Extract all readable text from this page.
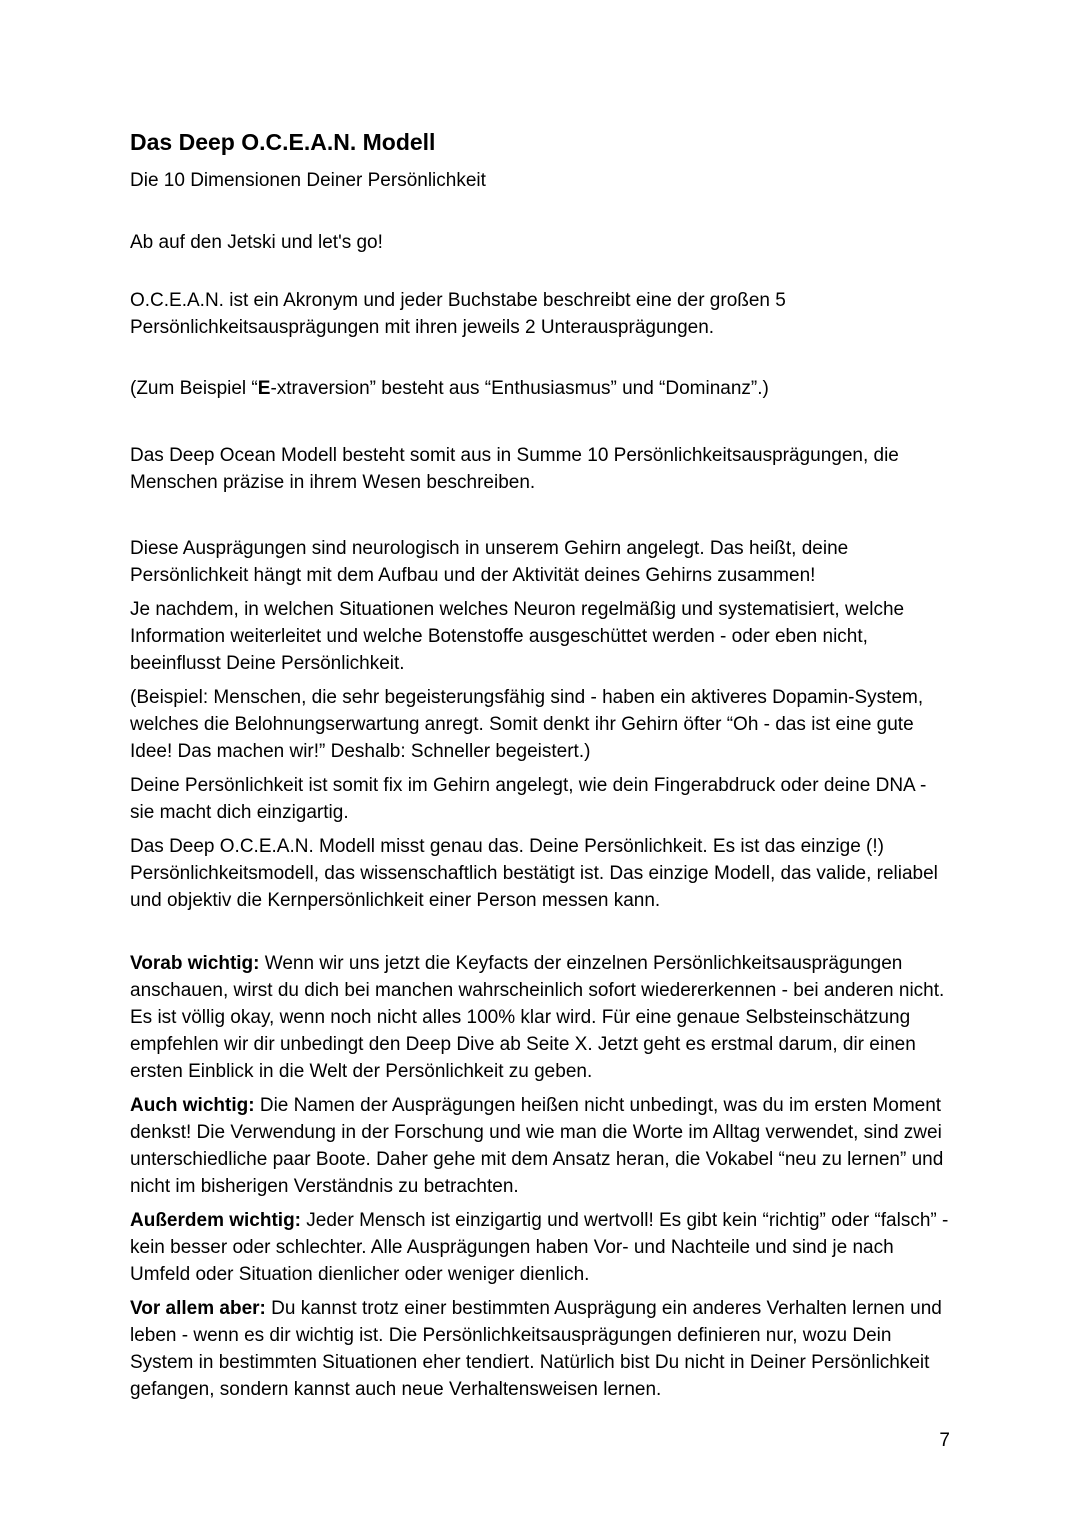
Das Deep O.C.E.A.N. Modell

Die 10 Dimensionen Deiner Persönlichkeit

Ab auf den Jetski und let's go!

O.C.E.A.N. ist ein Akronym und jeder Buchstabe beschreibt eine der großen 5 Persönlichkeitsausprägungen mit ihren jeweils 2 Unterausprägungen.

(Zum Beispiel “E-xtraversion” besteht aus “Enthusiasmus” und “Dominanz”.)

Das Deep Ocean Modell besteht somit aus in Summe 10 Persönlichkeitsausprägungen, die Menschen präzise in ihrem Wesen beschreiben.

Diese Ausprägungen sind neurologisch in unserem Gehirn angelegt. Das heißt, deine Persönlichkeit hängt mit dem Aufbau und der Aktivität deines Gehirns zusammen!

Je nachdem, in welchen Situationen welches Neuron regelmäßig und systematisiert, welche Information weiterleitet und welche Botenstoffe ausgeschüttet werden - oder eben nicht, beeinflusst Deine Persönlichkeit.

(Beispiel: Menschen, die sehr begeisterungsfähig sind - haben ein aktiveres Dopamin-System, welches die Belohnungserwartung anregt. Somit denkt ihr Gehirn öfter “Oh - das ist eine gute Idee! Das machen wir!” Deshalb: Schneller begeistert.)

Deine Persönlichkeit ist somit fix im Gehirn angelegt, wie dein Fingerabdruck oder deine DNA - sie macht dich einzigartig.

Das Deep O.C.E.A.N. Modell misst genau das. Deine Persönlichkeit. Es ist das einzige (!) Persönlichkeitsmodell, das wissenschaftlich bestätigt ist. Das einzige Modell, das valide, reliabel und objektiv die Kernpersönlichkeit einer Person messen kann.

Vorab wichtig: Wenn wir uns jetzt die Keyfacts der einzelnen Persönlichkeitsausprägungen anschauen, wirst du dich bei manchen wahrscheinlich sofort wiedererkennen - bei anderen nicht. Es ist völlig okay, wenn noch nicht alles 100% klar wird. Für eine genaue Selbsteinschätzung empfehlen wir dir unbedingt den Deep Dive ab Seite X. Jetzt geht es erstmal darum, dir einen ersten Einblick in die Welt der Persönlichkeit zu geben.

Auch wichtig: Die Namen der Ausprägungen heißen nicht unbedingt, was du im ersten Moment denkst! Die Verwendung in der Forschung und wie man die Worte im Alltag verwendet, sind zwei unterschiedliche paar Boote. Daher gehe mit dem Ansatz heran, die Vokabel “neu zu lernen” und nicht im bisherigen Verständnis zu betrachten.

Außerdem wichtig: Jeder Mensch ist einzigartig und wertvoll! Es gibt kein “richtig” oder “falsch” - kein besser oder schlechter. Alle Ausprägungen haben Vor- und Nachteile und sind je nach Umfeld oder Situation dienlicher oder weniger dienlich.

Vor allem aber: Du kannst trotz einer bestimmten Ausprägung ein anderes Verhalten lernen und leben - wenn es dir wichtig ist. Die Persönlichkeitsausprägungen definieren nur, wozu Dein System in bestimmten Situationen eher tendiert. Natürlich bist Du nicht in Deiner Persönlichkeit gefangen, sondern kannst auch neue Verhaltensweisen lernen.

7
